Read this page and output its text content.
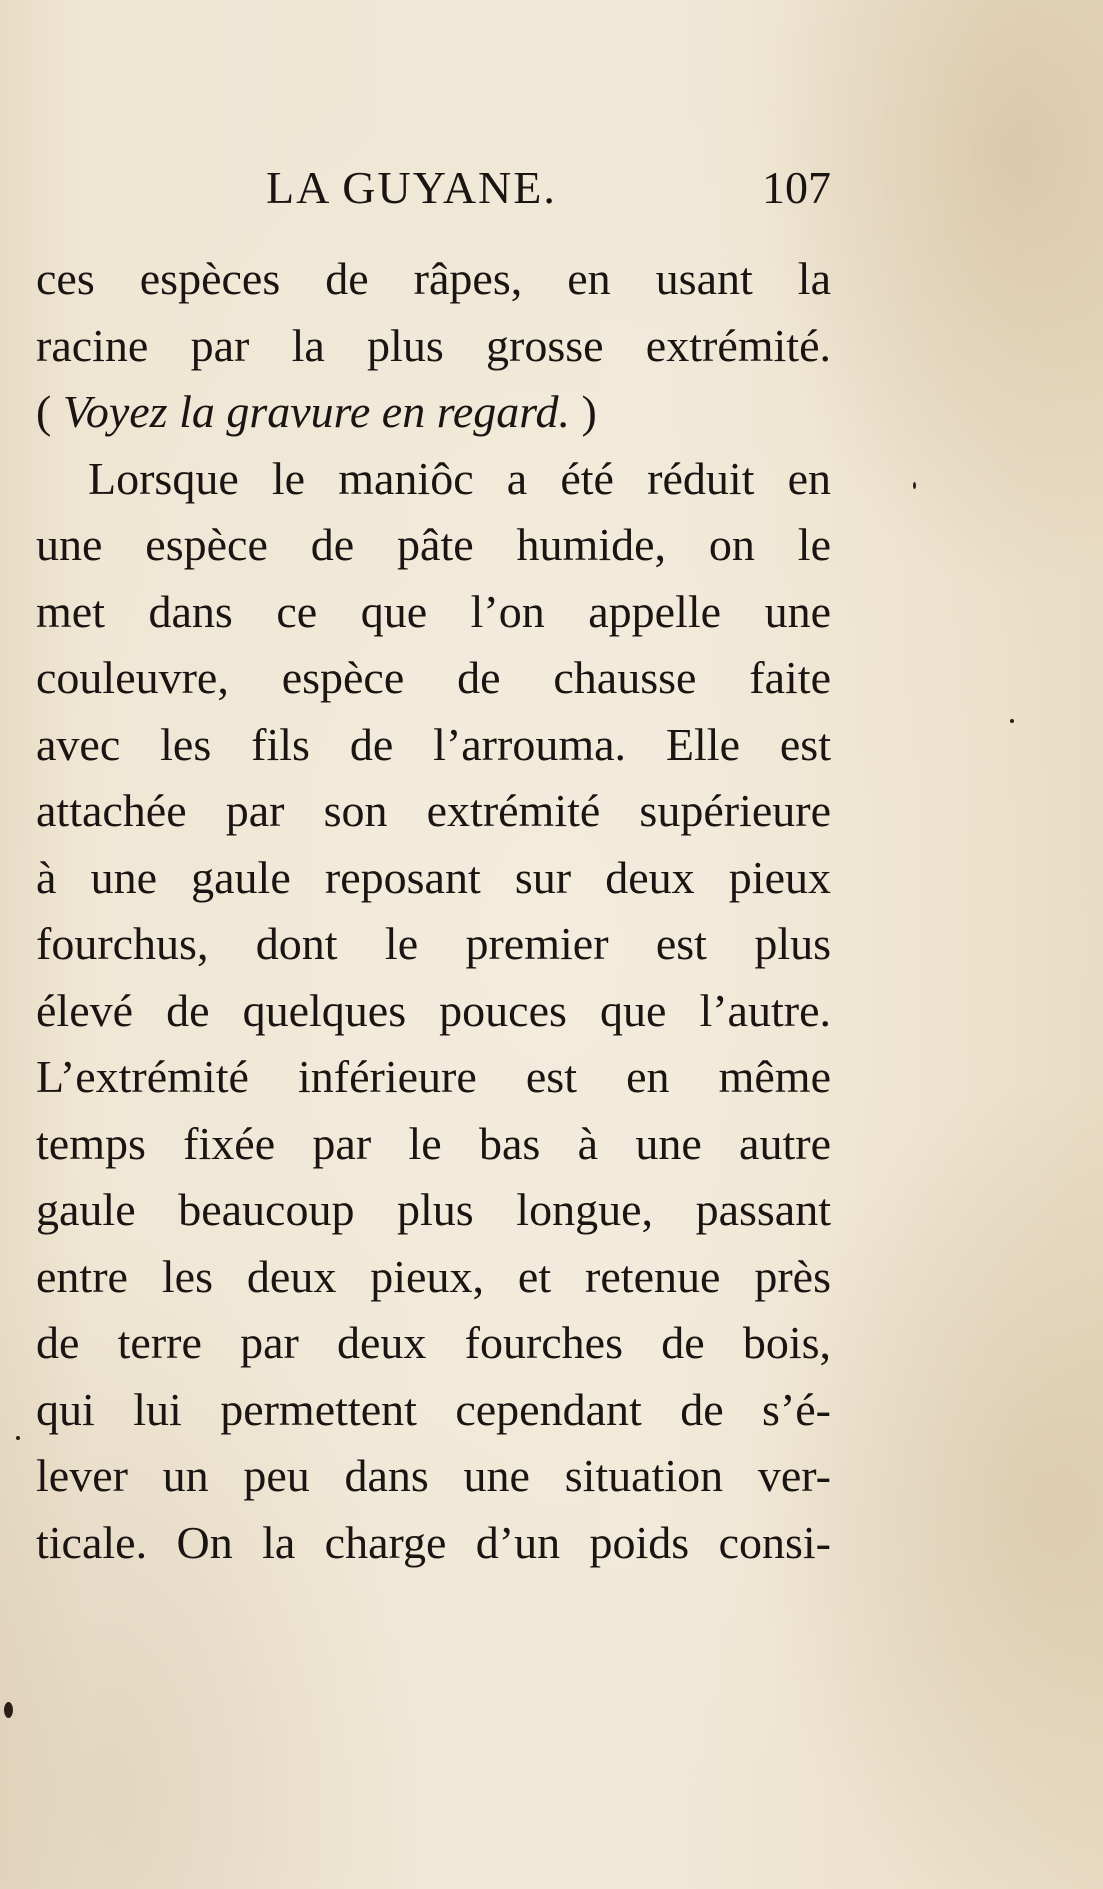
LA GUYANE.	107
ces espèces de râpes, en usant la
racine par la plus grosse extrémité.
( Voyez la gravure en regard. )
Lorsque le maniôc a été réduit en
une espèce de pâte humide, on le
met dans ce que l’on appelle une
couleuvre, espèce de chausse faite
avec les fils de l’arrouma. Elle est
attachée par son extrémité supérieure
à une gaule reposant sur deux pieux
fourchus, dont le premier est plus
élevé de quelques pouces que l’autre.
L’extrémité inférieure est en même
temps fixée par le bas à une autre
gaule beaucoup plus longue, passant
entre les deux pieux, et retenue près
de terre par deux fourches de bois,
qui lui permettent cependant de s’é-
lever un peu dans une situation ver-
ticale. On la charge d’un poids consi-
